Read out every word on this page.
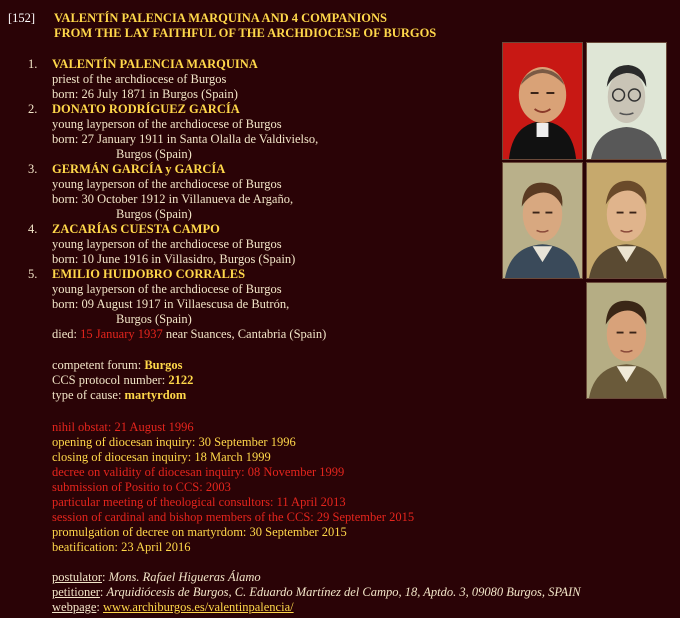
[152]	VALENTÍN PALENCIA MARQUINA AND 4 COMPANIONS
FROM THE LAY FAITHFUL OF THE ARCHDIOCESE OF BURGOS
1.	VALENTÍN PALENCIA MARQUINA
priest of the archdiocese of Burgos
born: 26 July 1871 in Burgos (Spain)
2.	DONATO RODRÍGUEZ GARCÍA
young layperson of the archdiocese of Burgos
born: 27 January 1911 in Santa Olalla de Valdivielso,
Burgos (Spain)
3.	GERMÁN GARCÍA y GARCÍA
young layperson of the archdiocese of Burgos
born: 30 October 1912 in Villanueva de Argaño,
Burgos (Spain)
4.	ZACARÍAS CUESTA CAMPO
young layperson of the archdiocese of Burgos
born: 10 June 1916 in Villasidro, Burgos (Spain)
5.	EMILIO HUIDOBRO CORRALES
young layperson of the archdiocese of Burgos
born: 09 August 1917 in Villaescusa de Butrón,
Burgos (Spain)
died: 15 January 1937 near Suances, Cantabria (Spain)
competent forum: Burgos
CCS protocol number: 2122
type of cause: martyrdom
nihil obstat: 21 August 1996
opening of diocesan inquiry: 30 September 1996
closing of diocesan inquiry: 18 March 1999
decree on validity of diocesan inquiry: 08 November 1999
submission of Positio to CCS: 2003
particular meeting of theological consultors: 11 April 2013
session of cardinal and bishop members of the CCS: 29 September 2015
promulgation of decree on martyrdom: 30 September 2015
beatification: 23 April 2016
postulator: Mons. Rafael Higueras Álamo
petitioner: Arquidiócesis de Burgos, C. Eduardo Martínez del Campo, 18, Aptdo. 3, 09080 Burgos, SPAIN
webpage: www.archiburgos.es/valentinpalencia/
